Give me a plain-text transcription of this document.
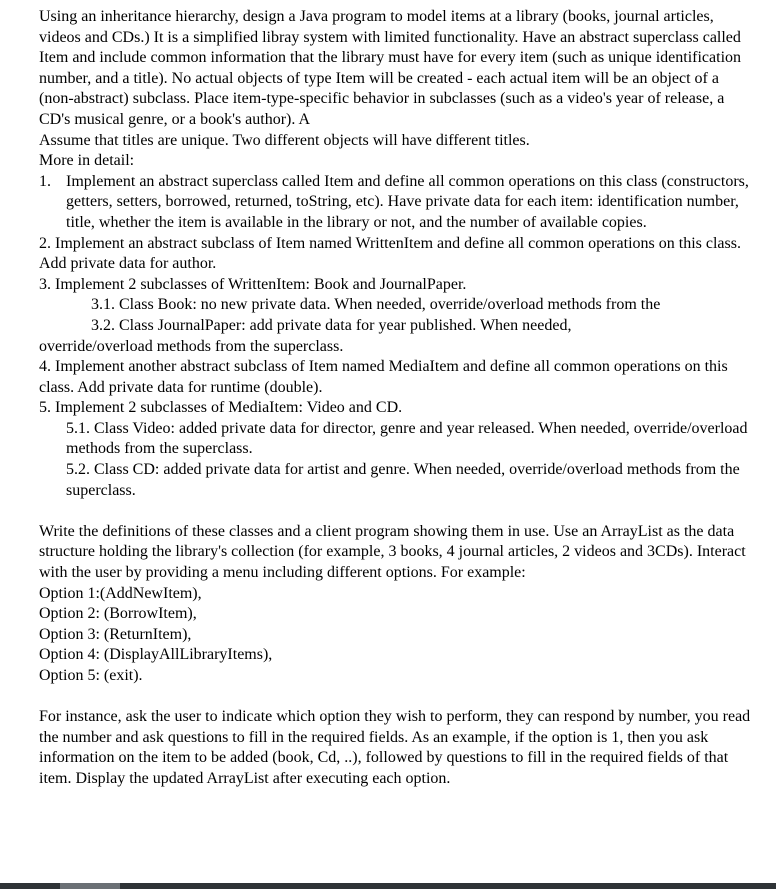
Using an inheritance hierarchy, design a Java program to model items at a library (books, journal articles, videos and CDs.) It is a simplified libray system with limited functionality. Have an abstract superclass called Item and include common information that the library must have for every item (such as unique identification number, and a title). No actual objects of type Item will be created - each actual item will be an object of a (non-abstract) subclass. Place item-type-specific behavior in subclasses (such as a video's year of release, a CD's musical genre, or a book's author). A

Assume that titles are unique. Two different objects will have different titles.

More in detail:

1. Implement an abstract superclass called Item and define all common operations on this class (constructors, getters, setters, borrowed, returned, toString, etc). Have private data for each item: identification number, title, whether the item is available in the library or not, and the number of available copies.

2. Implement an abstract subclass of Item named WrittenItem and define all common operations on this class. Add private data for author.

3. Implement 2 subclasses of WrittenItem: Book and JournalPaper.

3.1. Class Book: no new private data. When needed, override/overload methods from the

3.2. Class JournalPaper: add private data for year published. When needed,

override/overload methods from the superclass.

4. Implement another abstract subclass of Item named MediaItem and define all common operations on this class. Add private data for runtime (double).

5. Implement 2 subclasses of MediaItem: Video and CD.

5.1. Class Video: added private data for director, genre and year released. When needed, override/overload methods from the superclass.

5.2. Class CD: added private data for artist and genre. When needed, override/overload methods from the superclass.

Write the definitions of these classes and a client program showing them in use. Use an ArrayList as the data structure holding the library's collection (for example, 3 books, 4 journal articles, 2 videos and 3CDs). Interact with the user by providing a menu including different options. For example:

Option 1:(AddNewItem),

Option 2: (BorrowItem),

Option 3: (ReturnItem),

Option 4: (DisplayAllLibraryItems),

Option 5: (exit).

For instance, ask the user to indicate which option they wish to perform, they can respond by number, you read the number and ask questions to fill in the required fields. As an example, if the option is 1, then you ask information on the item to be added (book, Cd, ..), followed by questions to fill in the required fields of that item. Display the updated ArrayList after executing each option.
